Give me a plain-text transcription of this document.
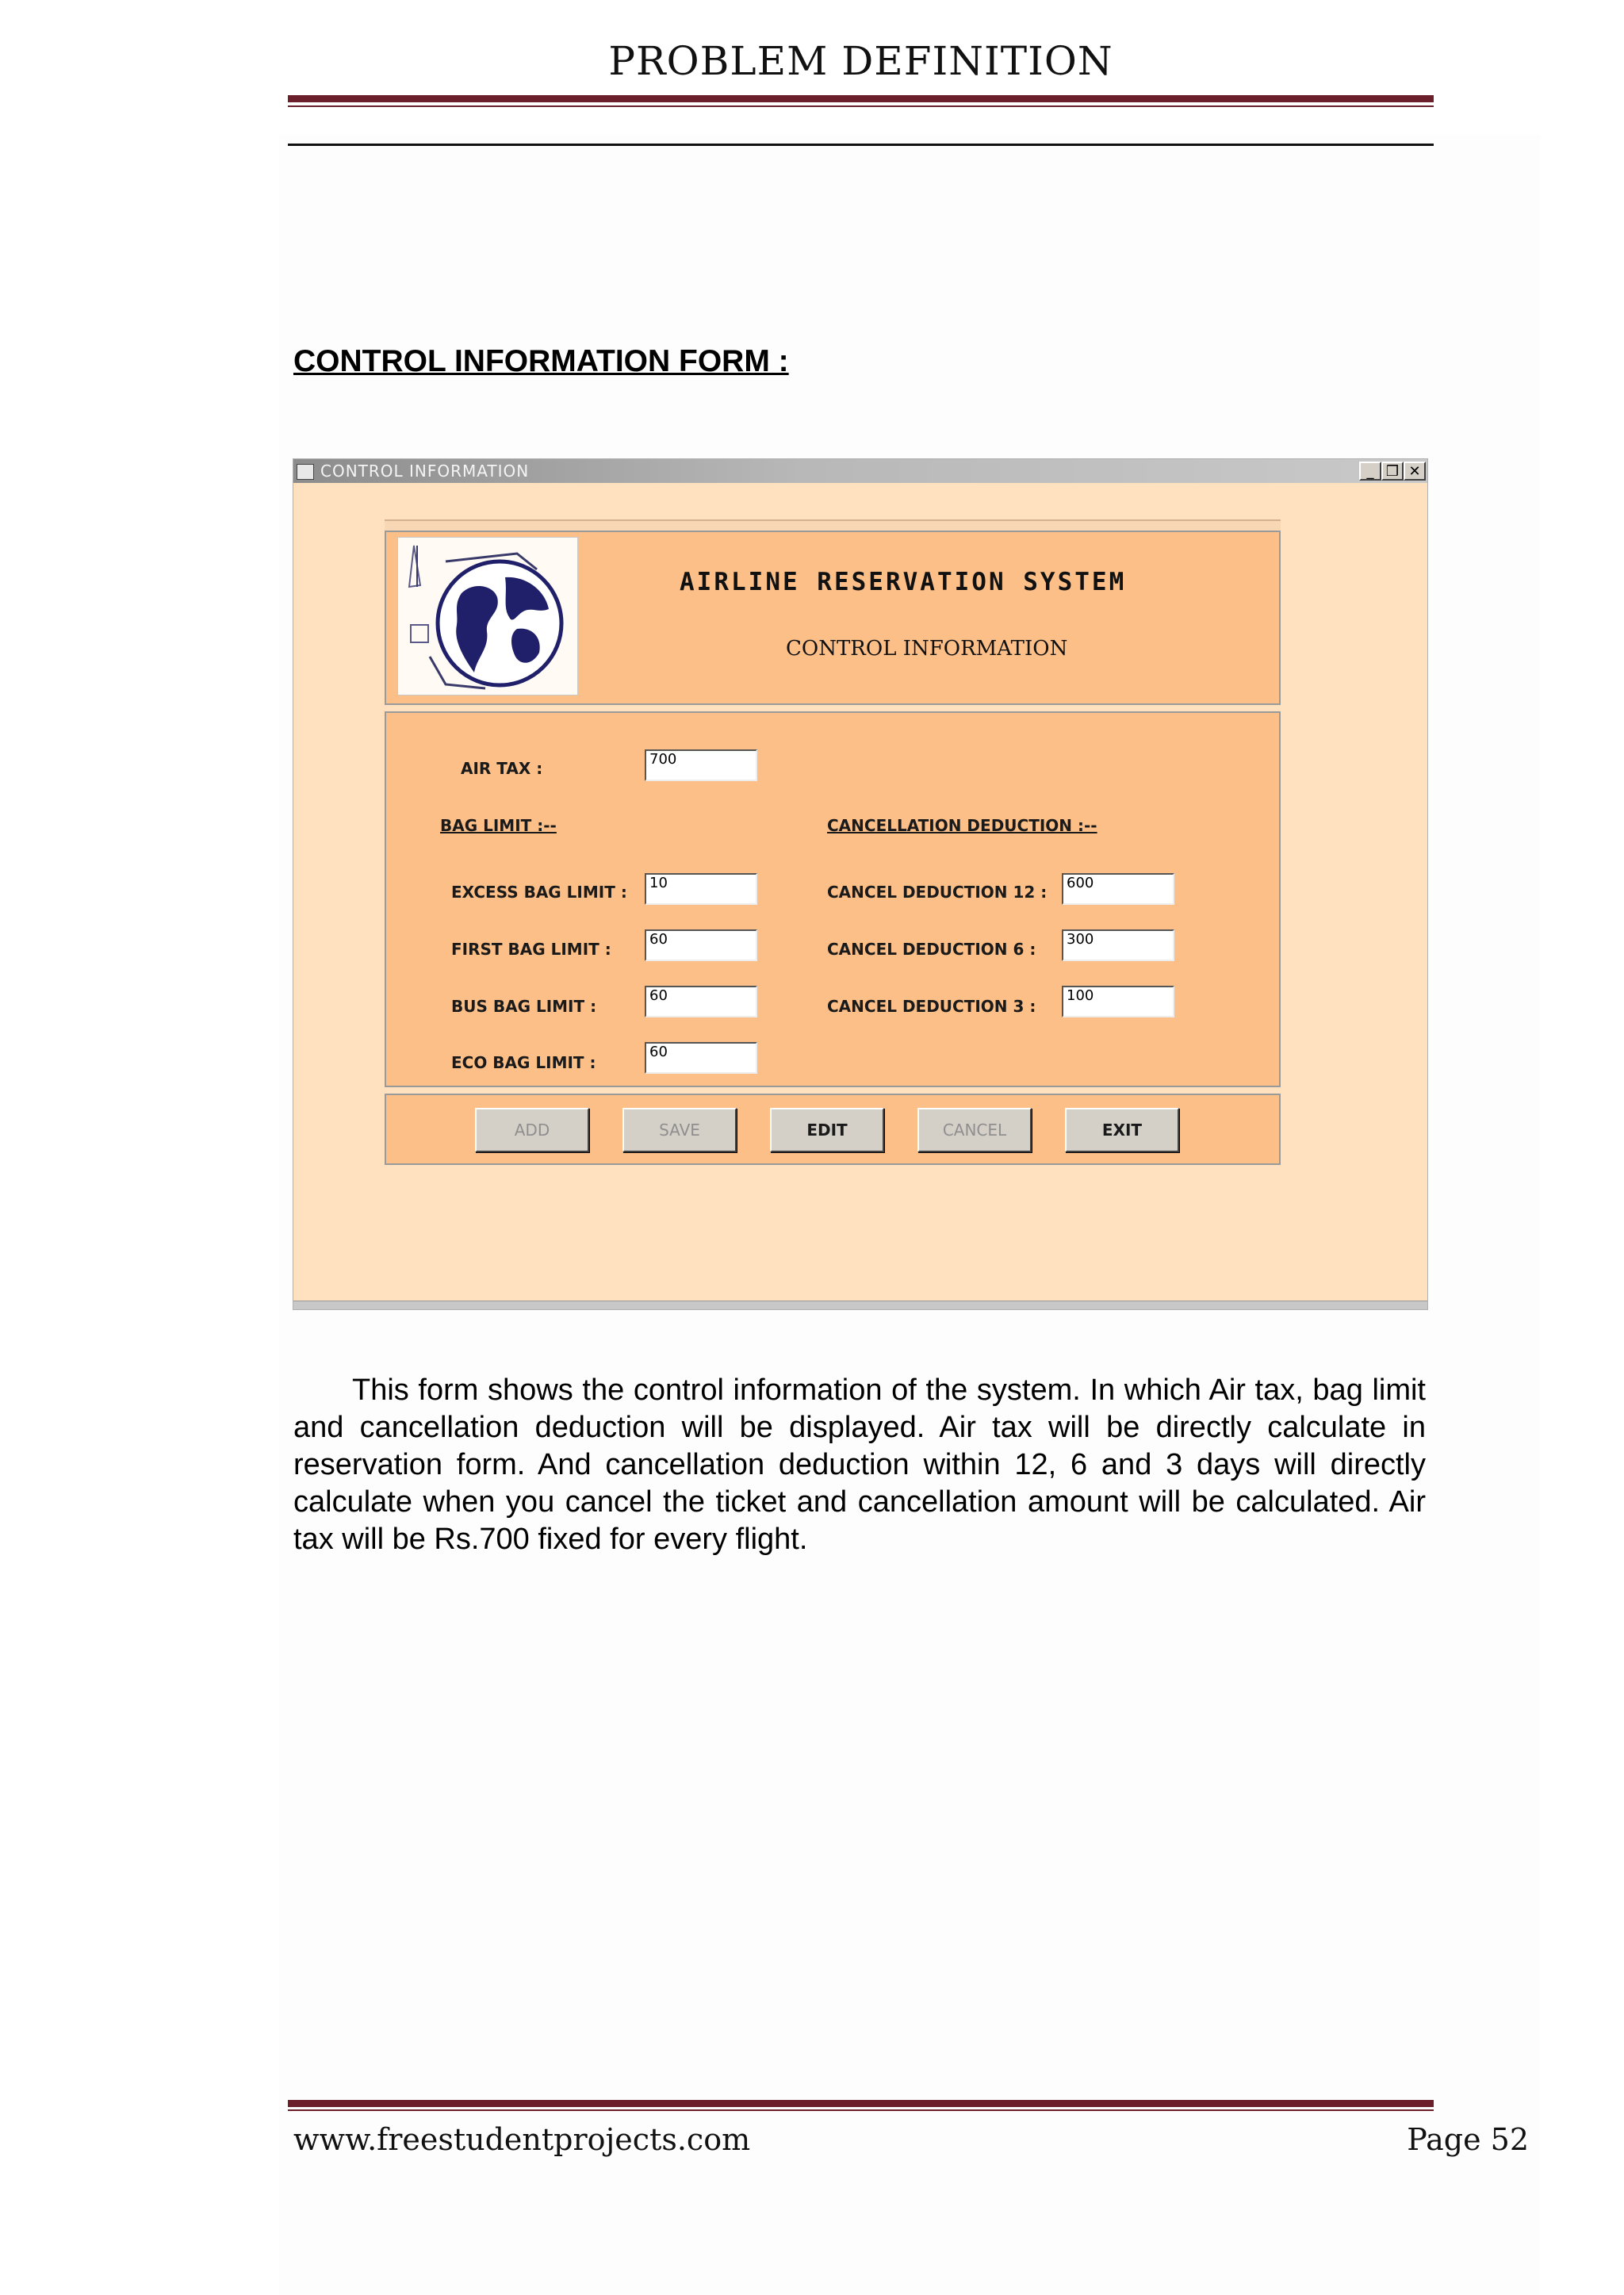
PROBLEM DEFINITION
CONTROL INFORMATION FORM :
CONTROL INFORMATION	_ ❒ ✕
AIRLINE RESERVATION SYSTEM
CONTROL INFORMATION
AIR TAX :	700
BAG LIMIT :--	CANCELLATION DEDUCTION :--
EXCESS BAG LIMIT :	10
FIRST BAG LIMIT :
60
BUS BAG LIMIT :
60
ECO BAG LIMIT :
60
CANCEL DEDUCTION 12 :	600
CANCEL DEDUCTION 6 :
300
CANCEL DEDUCTION 3 :
100
ADD	SAVE	EDIT	CANCEL	EXIT

This form shows the control information of the system. In which Air tax, bag limit and cancellation deduction will be displayed. Air tax will be directly calculate in reservation form. And cancellation deduction within 12, 6 and 3 days will directly calculate when you cancel the ticket and cancellation amount will be calculated. Air tax will be Rs.700 fixed for every flight.

www.freestudentprojects.com	Page 52
